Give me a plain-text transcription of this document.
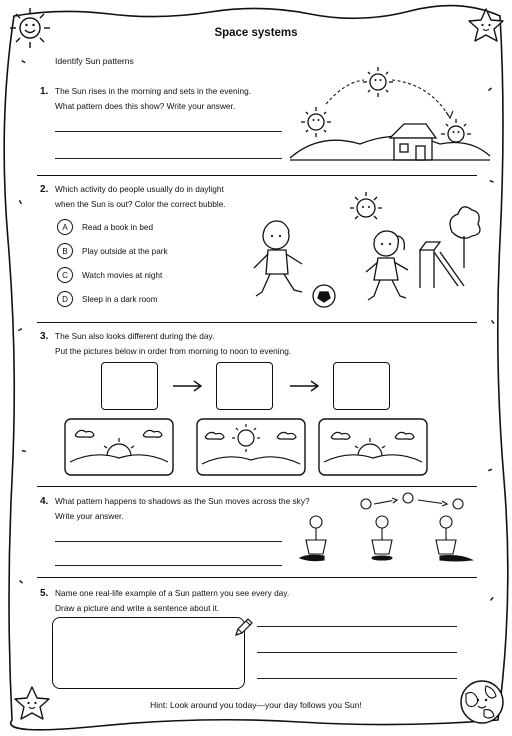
Space systems
Identify Sun patterns
1. The Sun rises in the morning and sets in the evening.
What pattern does this show? Write your answer.
2. Which activity do people usually do in daylight
when the Sun is out? Color the correct bubble.
A	Read a book in bed
B	Play outside at the park
C	Watch movies at night
D	Sleep in a dark room
3. The Sun also looks different during the day.
Put the pictures below in order from morning to noon to evening.
4. What pattern happens to shadows as the Sun moves across the sky?
Write your answer.
5. Name one real-life example of a Sun pattern you see every day.
Draw a picture and write a sentence about it.
Hint: Look around you today—your day follows you Sun!
